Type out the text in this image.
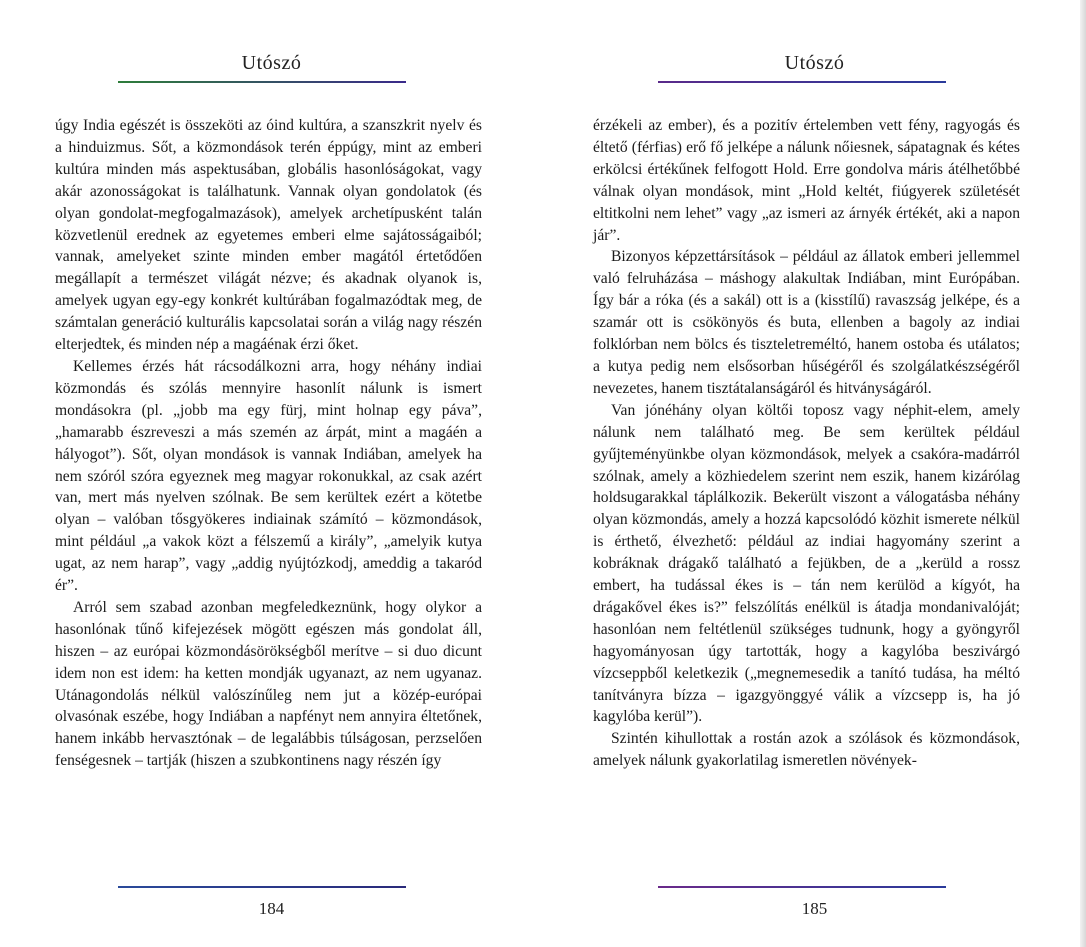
Utószó

úgy India egészét is összeköti az óind kultúra, a szanszkrit nyelv és a hinduizmus. Sőt, a közmondások terén éppúgy, mint az emberi kultúra minden más aspektusában, globális hasonlóságokat, vagy akár azonosságokat is találhatunk. Vannak olyan gondolatok (és olyan gondolat-megfogalmazások), amelyek archetípusként talán közvetlenül erednek az egyetemes emberi elme sajátosságaiból; vannak, amelyeket szinte minden ember magától értetődően megállapít a természet világát nézve; és akadnak olyanok is, amelyek ugyan egy-egy konkrét kultúrában fogalmazódtak meg, de számtalan generáció kulturális kapcsolatai során a világ nagy részén elterjedtek, és minden nép a magáénak érzi őket.

Kellemes érzés hát rácsodálkozni arra, hogy néhány indiai közmondás és szólás mennyire hasonlít nálunk is ismert mondásokra (pl. „jobb ma egy fürj, mint holnap egy páva”, „hamarabb észreveszi a más szemén az árpát, mint a magáén a hályogot”). Sőt, olyan mondások is vannak Indiában, amelyek ha nem szóról szóra egyeznek meg magyar rokonukkal, az csak azért van, mert más nyelven szólnak. Be sem kerültek ezért a kötetbe olyan – valóban tősgyökeres indiainak számító – közmondások, mint például „a vakok közt a félszemű a király”, „amelyik kutya ugat, az nem harap”, vagy „addig nyújtózkodj, ameddig a takaród ér”.

Arról sem szabad azonban megfeledkeznünk, hogy olykor a hasonlónak tűnő kifejezések mögött egészen más gondolat áll, hiszen – az európai közmondásörökségből merítve – si duo dicunt idem non est idem: ha ketten mondják ugyanazt, az nem ugyanaz. Utánagondolás nélkül valószínűleg nem jut a közép-európai olvasónak eszébe, hogy Indiában a napfényt nem annyira éltetőnek, hanem inkább hervasztónak – de legalábbis túlságosan, perzselően fenségesnek – tartják (hiszen a szubkontinens nagy részén így

184
Utószó

érzékeli az ember), és a pozitív értelemben vett fény, ragyogás és éltető (férfias) erő fő jelképe a nálunk nőiesnek, sápatagnak és kétes erkölcsi értékűnek felfogott Hold. Erre gondolva máris átélhetőbbé válnak olyan mondások, mint „Hold keltét, fiúgyerek születését eltitkolni nem lehet” vagy „az ismeri az árnyék értékét, aki a napon jár”.

Bizonyos képzettársítások – például az állatok emberi jellemmel való felruházása – máshogy alakultak Indiában, mint Európában. Így bár a róka (és a sakál) ott is a (kisstílű) ravaszság jelképe, és a szamár ott is csökönyös és buta, ellenben a bagoly az indiai folklórban nem bölcs és tiszteletreméltó, hanem ostoba és utálatos; a kutya pedig nem elsősorban hűségéről és szolgálatkészségéről nevezetes, hanem tisztátalanságáról és hitványságáról.

Van jónéhány olyan költői toposz vagy néphit-elem, amely nálunk nem található meg. Be sem kerültek például gyűjteményünkbe olyan közmondások, melyek a csakóra-madárról szólnak, amely a közhiedelem szerint nem eszik, hanem kizárólag holdsugarakkal táplálkozik. Bekerült viszont a válogatásba néhány olyan közmondás, amely a hozzá kapcsolódó közhit ismerete nélkül is érthető, élvezhető: például az indiai hagyomány szerint a kobráknak drágakő található a fejükben, de a „kerüld a rossz embert, ha tudással ékes is – tán nem kerülöd a kígyót, ha drágakővel ékes is?” felszólítás enélkül is átadja mondanivalóját; hasonlóan nem feltétlenül szükséges tudnunk, hogy a gyöngyről hagyományosan úgy tartották, hogy a kagylóba beszivárgó vízcseppből keletkezik („megnemesedik a tanító tudása, ha méltó tanítványra bízza – igazgyönggyé válik a vízcsepp is, ha jó kagylóba kerül”).

Szintén kihullottak a rostán azok a szólások és közmondások, amelyek nálunk gyakorlatilag ismeretlen növények-

185
